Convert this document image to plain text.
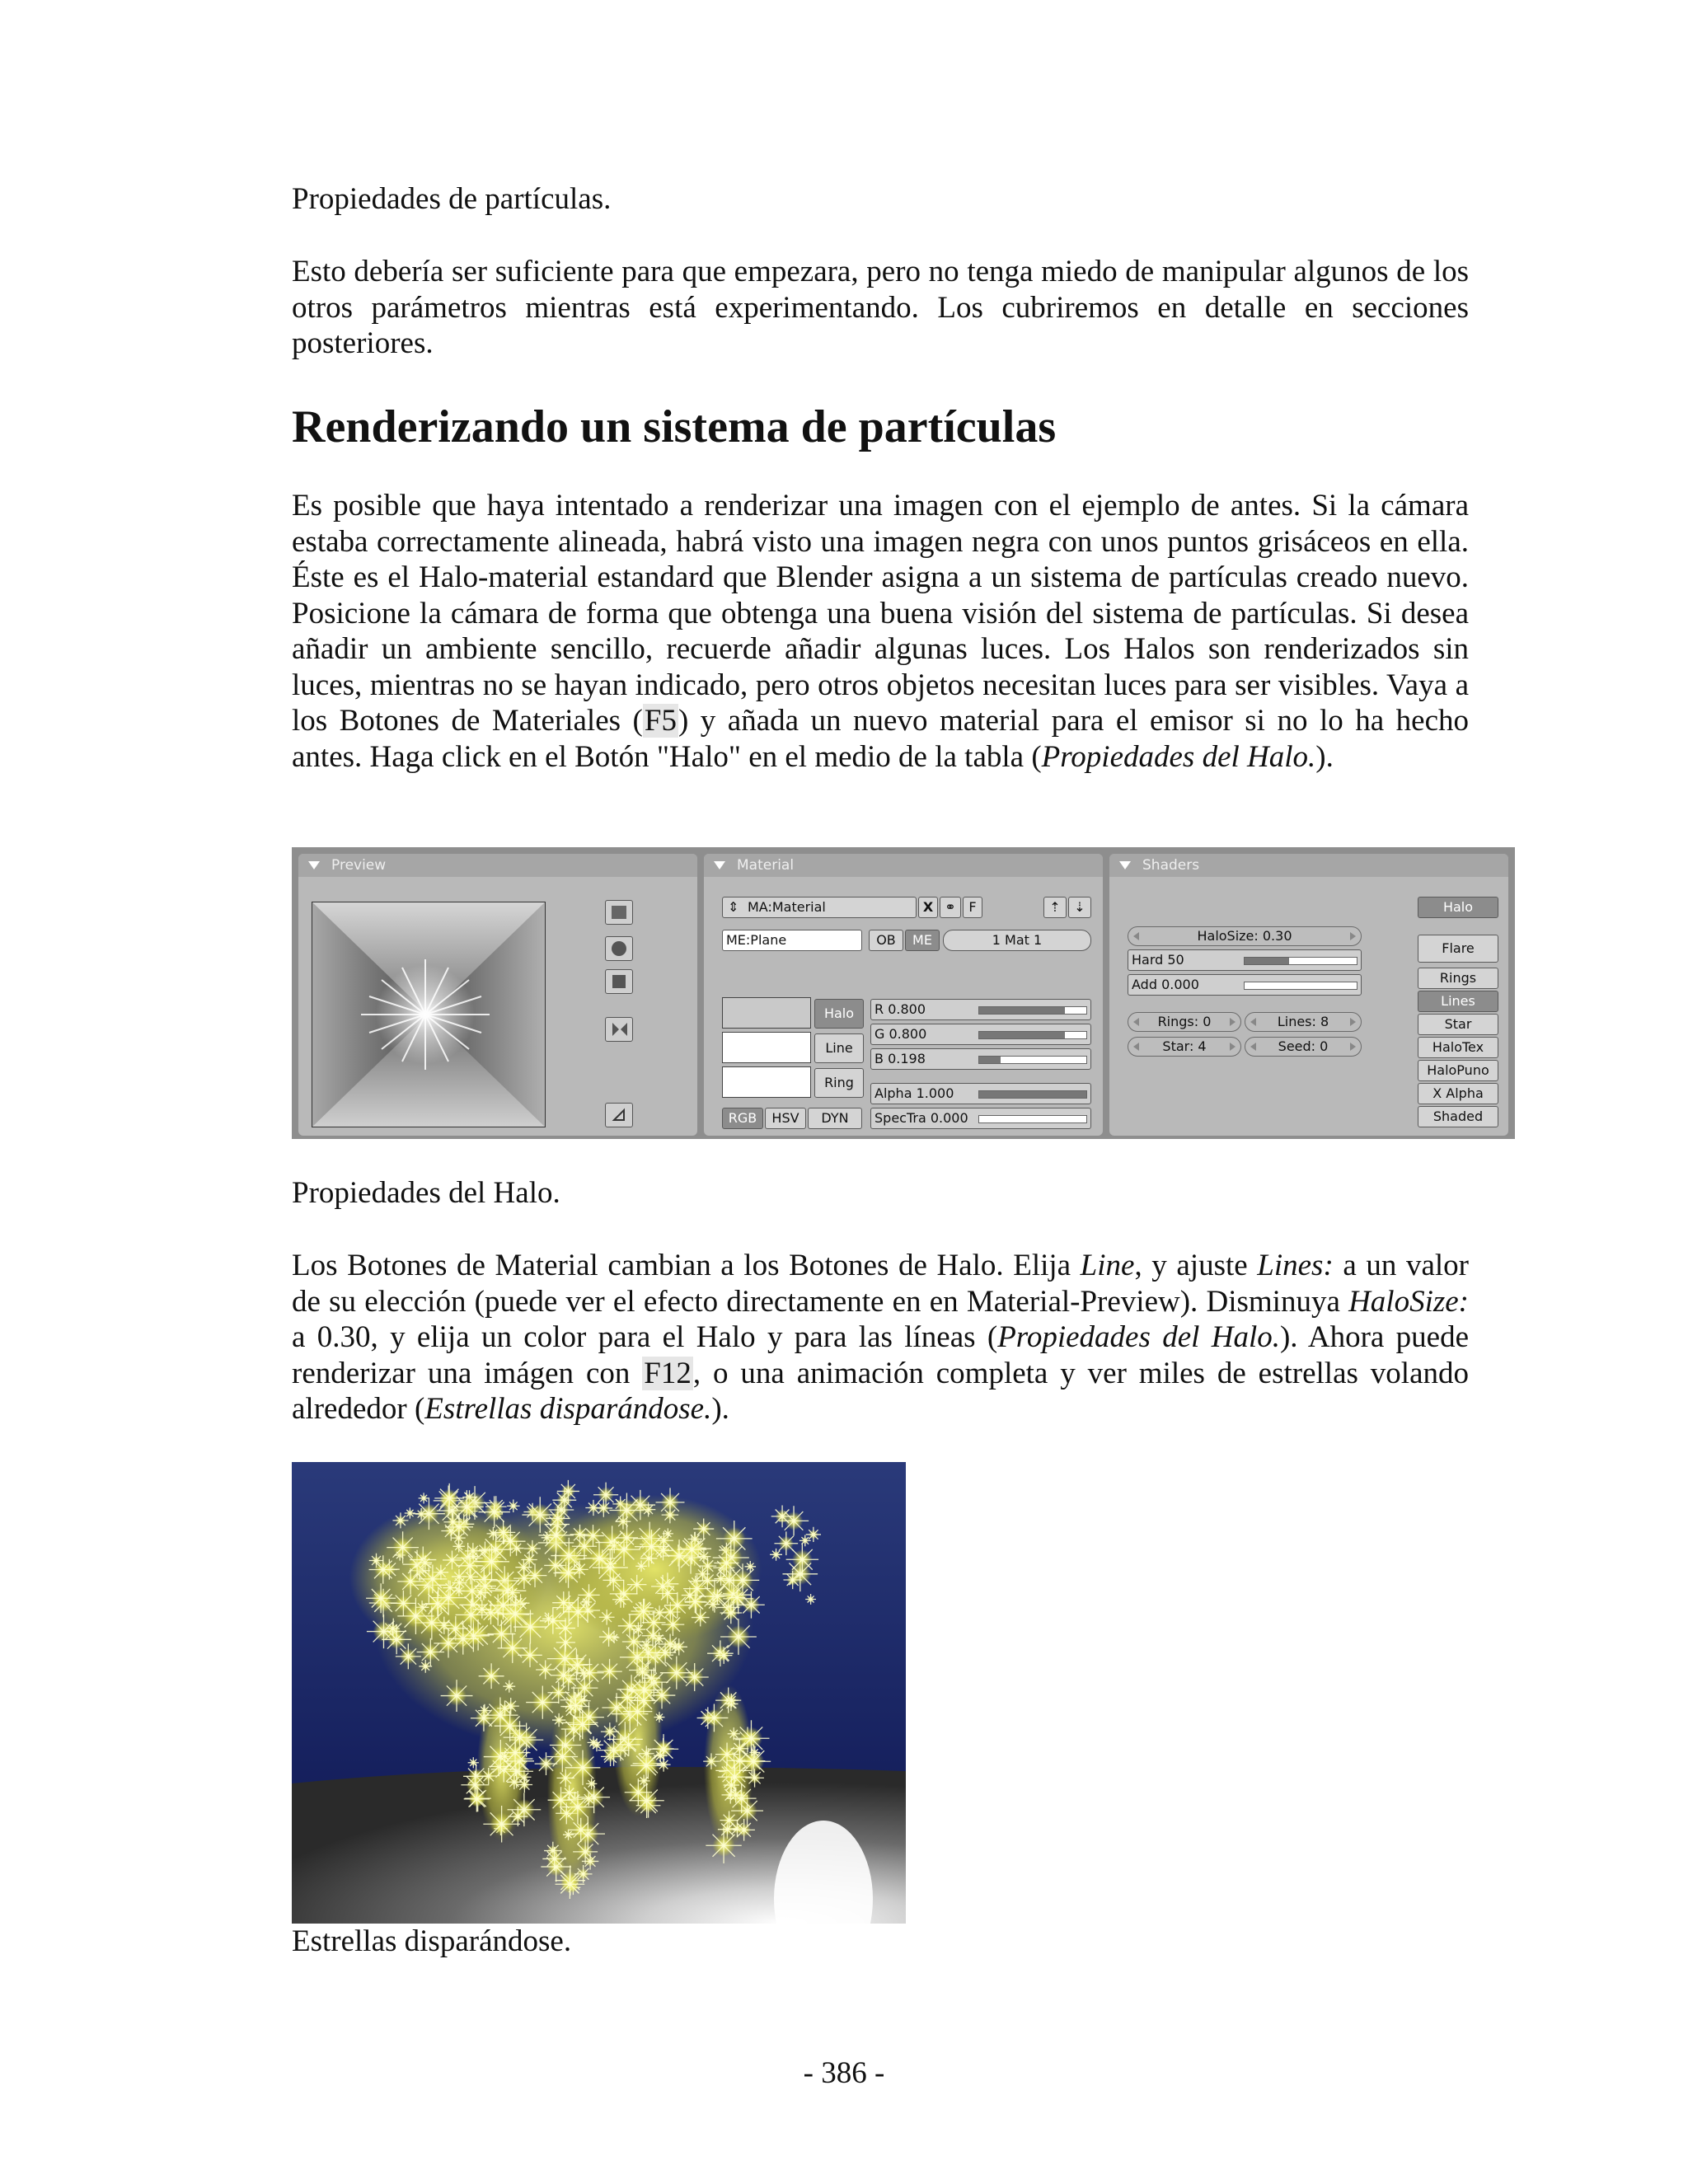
Propiedades de partículas.

Esto debería ser suficiente para que empezara, pero no tenga miedo de manipular algunos de los otros parámetros mientras está experimentando. Los cubriremos en detalle en secciones posteriores.

Renderizando un sistema de partículas

Es posible que haya intentado a renderizar una imagen con el ejemplo de antes. Si la cámara estaba correctamente alineada, habrá visto una imagen negra con unos puntos grisáceos en ella. Éste es el Halo-material estandard que Blender asigna a un sistema de partículas creado nuevo. Posicione la cámara de forma que obtenga una buena visión del sistema de partículas. Si desea añadir un ambiente sencillo, recuerde añadir algunas luces. Los Halos son renderizados sin luces, mientras no se hayan indicado, pero otros objetos necesitan luces para ser visibles. Vaya a los Botones de Materiales (F5) y añada un nuevo material para el emisor si no lo ha hecho antes. Haga click en el Botón "Halo" en el medio de la tabla (Propiedades del Halo.).

Preview	Material
⇕ MA:Material	X ⚭ F	⇡	⇣
ME:Plane	OB	ME	1 Mat 1
Halo
Line
Ring
R 0.800
G 0.800
B 0.198
Alpha 1.000
SpecTra 0.000
RGB	HSV	DYN
Shaders
Halo
HaloSize: 0.30
Hard 50
Add 0.000
Rings: 0	Lines: 8
Star: 4	Seed: 0
Flare
Rings
Lines
Star
HaloTex
HaloPuno
X Alpha
Shaded

Propiedades del Halo.

Los Botones de Material cambian a los Botones de Halo. Elija Line, y ajuste Lines: a un valor de su elección (puede ver el efecto directamente en en Material-Preview). Disminuya HaloSize: a 0.30, y elija un color para el Halo y para las líneas (Propiedades del Halo.). Ahora puede renderizar una imágen con F12, o una animación completa y ver miles de estrellas volando alrededor (Estrellas disparándose.).

Estrellas disparándose.

- 386 -
